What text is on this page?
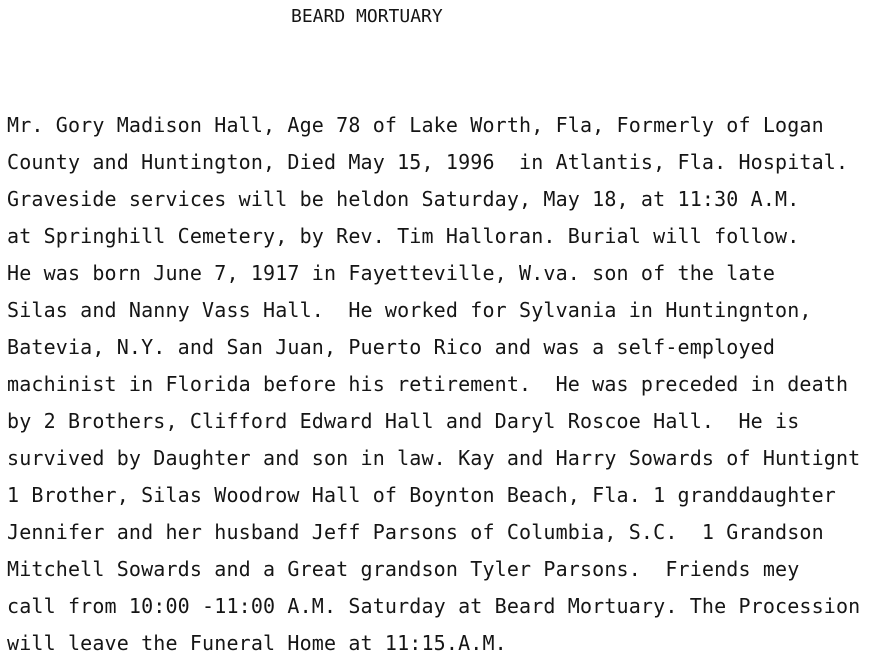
BEARD MORTUARY
Mr. Gory Madison Hall, Age 78 of Lake Worth, Fla, Formerly of Logan
County and Huntington, Died May 15, 1996  in Atlantis, Fla. Hospital.
Graveside services will be heldon Saturday, May 18, at 11:30 A.M.
at Springhill Cemetery, by Rev. Tim Halloran. Burial will follow.
He was born June 7, 1917 in Fayetteville, W.va. son of the late
Silas and Nanny Vass Hall.  He worked for Sylvania in Huntingnton,
Batevia, N.Y. and San Juan, Puerto Rico and was a self-employed
machinist in Florida before his retirement.  He was preceded in death
by 2 Brothers, Clifford Edward Hall and Daryl Roscoe Hall.  He is
survived by Daughter and son in law. Kay and Harry Sowards of Huntignt
1 Brother, Silas Woodrow Hall of Boynton Beach, Fla. 1 granddaughter
Jennifer and her husband Jeff Parsons of Columbia, S.C.  1 Grandson
Mitchell Sowards and a Great grandson Tyler Parsons.  Friends mey
call from 10:00 -11:00 A.M. Saturday at Beard Mortuary. The Procession
will leave the Funeral Home at 11:15.A.M.
